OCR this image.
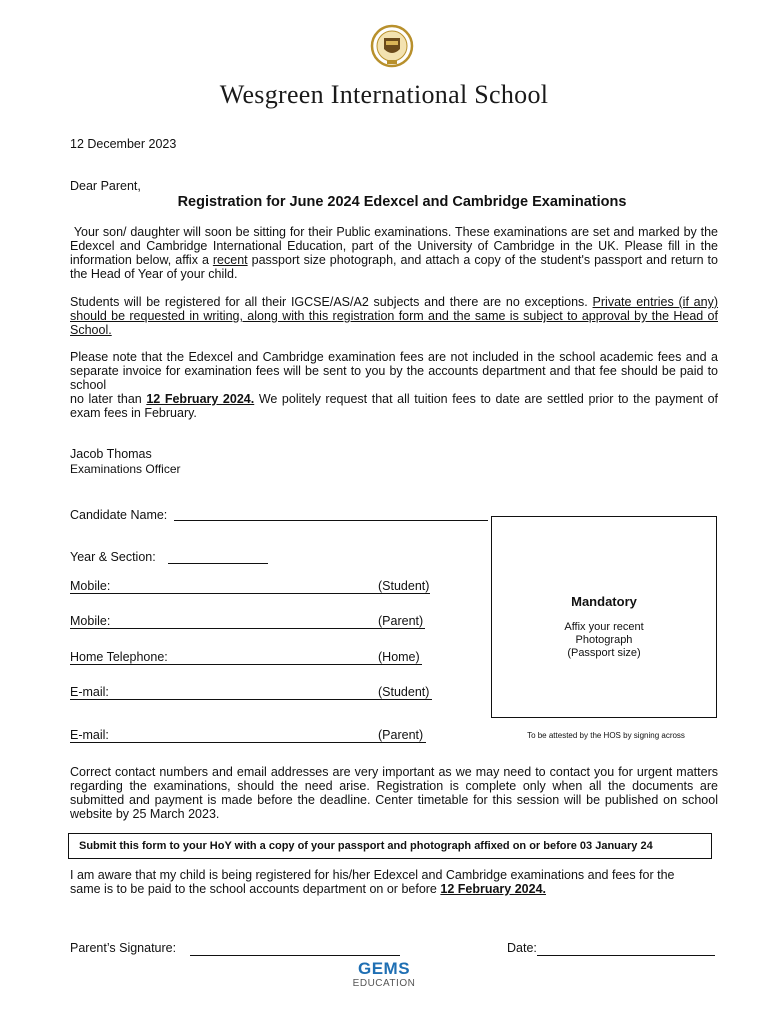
Wesgreen International School
12 December 2023
Dear Parent,
Registration for June 2024 Edexcel and Cambridge Examinations
Your son/ daughter will soon be sitting for their Public examinations. These examinations are set and marked by the Edexcel and Cambridge International Education, part of the University of Cambridge in the UK. Please fill in the information below, affix a recent passport size photograph, and attach a copy of the student's passport and return to the Head of Year of your child.
Students will be registered for all their IGCSE/AS/A2 subjects and there are no exceptions. Private entries (if any) should be requested in writing, along with this registration form and the same is subject to approval by the Head of School.
Please note that the Edexcel and Cambridge examination fees are not included in the school academic fees and a separate invoice for examination fees will be sent to you by the accounts department and that fee should be paid to school
no later than 12 February 2024. We politely request that all tuition fees to date are settled prior to the payment of exam fees in February.
Jacob Thomas
Examinations Officer
Candidate Name:
Year & Section:
Mobile:	(Student)
Mobile:	(Parent)
Home Telephone:	(Home)
E-mail:	(Student)
E-mail:	(Parent)
Mandatory
Affix your recent
Photograph
(Passport size)
To be attested by the HOS by signing across
Correct contact numbers and email addresses are very important as we may need to contact you for urgent matters regarding the examinations, should the need arise. Registration is complete only when all the documents are submitted and payment is made before the deadline. Center timetable for this session will be published on school website by 25 March 2023.
Submit this form to your HoY with a copy of your passport and photograph affixed on or before 03 January 24
I am aware that my child is being registered for his/her Edexcel and Cambridge examinations and fees for the same is to be paid to the school accounts department on or before 12 February 2024.
Parent’s Signature:	Date:
GEMS
EDUCATION
